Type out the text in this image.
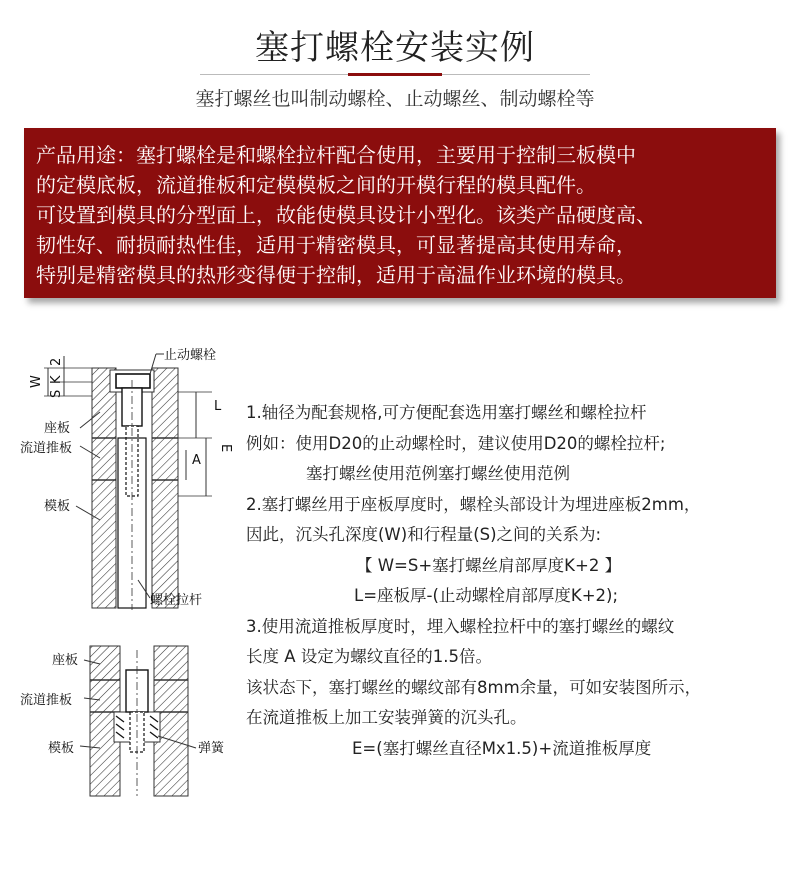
塞打螺栓安装实例
塞打螺丝也叫制动螺栓、止动螺丝、制动螺栓等

产品用途：塞打螺栓是和螺栓拉杆配合使用，主要用于控制三板模中

的定模底板，流道推板和定模模板之间的开模行程的模具配件。

可设置到模具的分型面上，故能使模具设计小型化。该类产品硬度高、

韧性好、耐损耐热性佳，适用于精密模具，可显著提高其使用寿命，

特别是精密模具的热形变得便于控制，适用于高温作业环境的模具。

W
S
K
2
L
E
A
止动螺栓
座板
流道推板
模板
螺栓拉杆
座板
流道推板
模板	弹簧
1.轴径为配套规格,可方便配套选用塞打螺丝和螺栓拉杆
例如：使用D20的止动螺栓时，建议使用D20的螺栓拉杆;
塞打螺丝使用范例塞打螺丝使用范例
2.塞打螺丝用于座板厚度时，螺栓头部设计为埋进座板2mm，
因此，沉头孔深度(W)和行程量(S)之间的关系为:
【 W=S+塞打螺丝肩部厚度K+2 】
L=座板厚-(止动螺栓肩部厚度K+2);
3.使用流道推板厚度时，埋入螺栓拉杆中的塞打螺丝的螺纹
长度 A 设定为螺纹直径的1.5倍。
该状态下，塞打螺丝的螺纹部有8mm余量，可如安装图所示，
在流道推板上加工安装弹簧的沉头孔。
E=(塞打螺丝直径Mx1.5)+流道推板厚度
